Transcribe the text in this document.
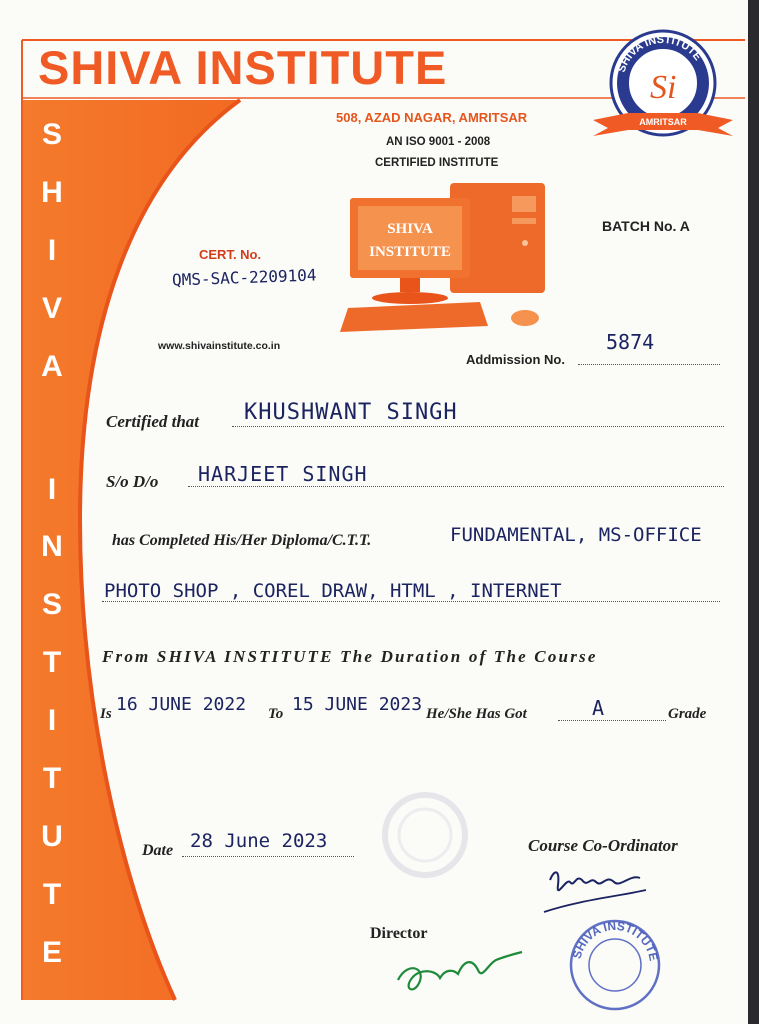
S
H
I
V
A
I
N
S
T
I
T
U
T
E
SHIVA INSTITUTE
508, AZAD NAGAR, AMRITSAR
AN ISO 9001 - 2008
CERTIFIED INSTITUTE
BATCH No. A
SHIVA INSTITUTE
Si
AMRITSAR
SHIVA
INSTITUTE
CERT. No.
QMS-SAC-2209104
www.shivainstitute.co.in
Addmission No.
5874
Certified that KHUSHWANT SINGH
S/o D/o HARJEET SINGH
has Completed His/Her Diploma/C.T.T.	FUNDAMENTAL, MS-OFFICE
PHOTO SHOP , COREL DRAW, HTML , INTERNET
From SHIVA INSTITUTE The Duration of The Course
Is 16 JUNE 2022 To 15 JUNE 2023 He/She Has Got	A	Grade
Date 28 June 2023	Course Co-Ordinator
Director
SHIVA INSTITUTE
